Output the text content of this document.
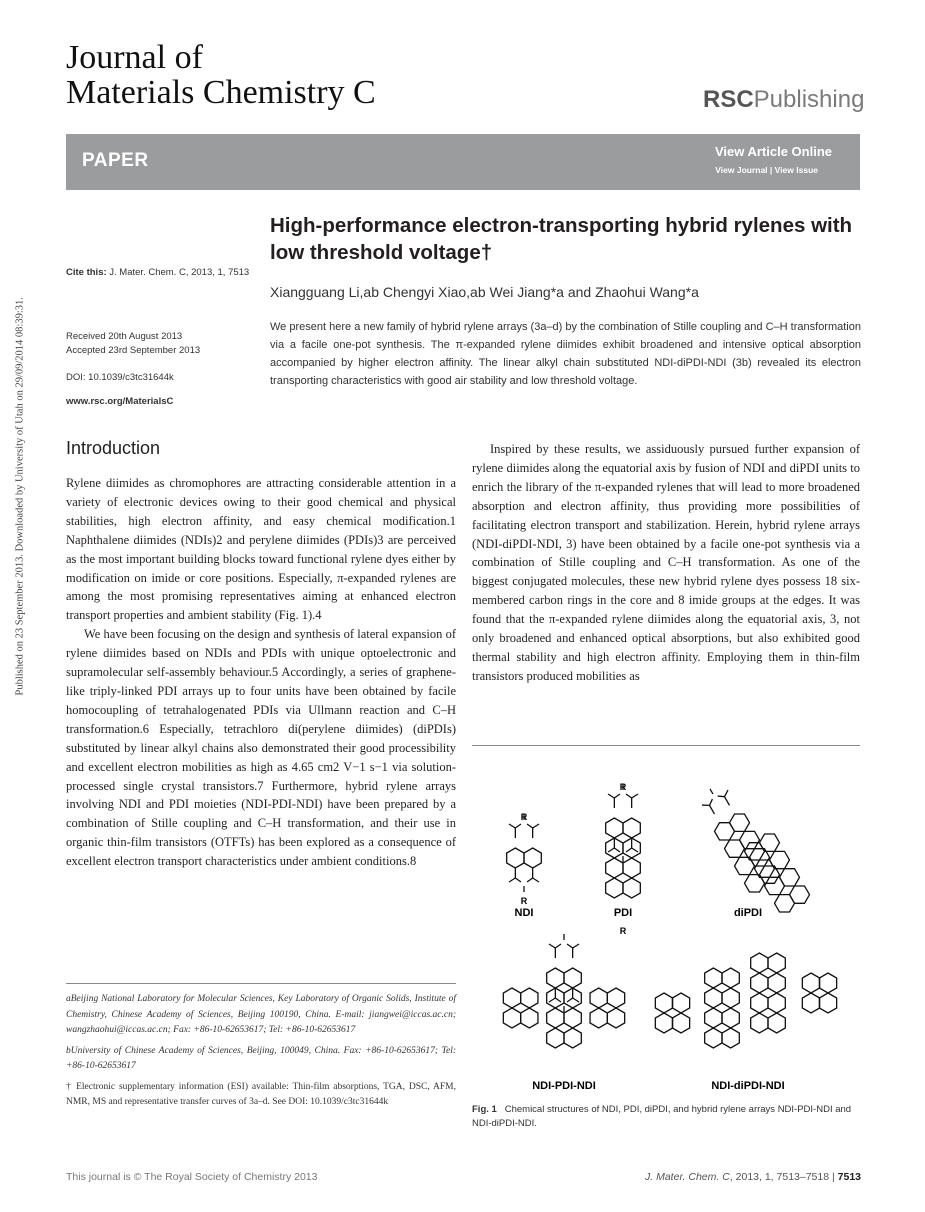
Published on 23 September 2013. Downloaded by University of Utah on 29/09/2014 08:39:31.
Journal of
Materials Chemistry C	RSCPublishing
PAPER	View Article Online
View Journal | View Issue
High-performance electron-transporting hybrid rylenes with low threshold voltage†
Xiangguang Li,ab Chengyi Xiao,ab Wei Jiang*a and Zhaohui Wang*a
We present here a new family of hybrid rylene arrays (3a–d) by the combination of Stille coupling and C–H transformation via a facile one-pot synthesis. The π-expanded rylene diimides exhibit broadened and intensive optical absorption accompanied by higher electron affinity. The linear alkyl chain substituted NDI-diPDI-NDI (3b) revealed its electron transporting characteristics with good air stability and low threshold voltage.
Cite this: J. Mater. Chem. C, 2013, 1, 7513
Received 20th August 2013
Accepted 23rd September 2013
DOI: 10.1039/c3tc31644k
www.rsc.org/MaterialsC
Introduction

Rylene diimides as chromophores are attracting considerable attention in a variety of electronic devices owing to their good chemical and physical stabilities, high electron affinity, and easy chemical modification.1 Naphthalene diimides (NDIs)2 and perylene diimides (PDIs)3 are perceived as the most important building blocks toward functional rylene dyes either by modification on imide or core positions. Especially, π-expanded rylenes are among the most promising representatives aiming at enhanced electron transport properties and ambient stability (Fig. 1).4

We have been focusing on the design and synthesis of lateral expansion of rylene diimides based on NDIs and PDIs with unique optoelectronic and supramolecular self-assembly behaviour.5 Accordingly, a series of graphene-like triply-linked PDI arrays up to four units have been obtained by facile homocoupling of tetrahalogenated PDIs via Ullmann reaction and C–H transformation.6 Especially, tetrachloro di(perylene diimides) (diPDIs) substituted by linear alkyl chains also demonstrated their good processibility and excellent electron mobilities as high as 4.65 cm2 V−1 s−1 via solution-processed single crystal transistors.7 Furthermore, hybrid rylene arrays involving NDI and PDI moieties (NDI-PDI-NDI) have been prepared by a combination of Stille coupling and C–H transformation, and their use in organic thin-film transistors (OTFTs) has been explored as a consequence of excellent electron transport characteristics under ambient conditions.8

Inspired by these results, we assiduously pursued further expansion of rylene diimides along the equatorial axis by fusion of NDI and diPDI units to enrich the library of the π-expanded rylenes that will lead to more broadened absorption and electron affinity, thus providing more possibilities of facilitating electron transport and stabilization. Herein, hybrid rylene arrays (NDI-diPDI-NDI, 3) have been obtained by a facile one-pot synthesis via a combination of Stille coupling and C–H transformation. As one of the biggest conjugated molecules, these new hybrid rylene dyes possess 18 six-membered carbon rings in the core and 8 imide groups at the edges. It was found that the π-expanded rylene diimides along the equatorial axis, 3, not only broadened and enhanced optical absorptions, but also exhibited good thermal stability and high electron affinity. Employing them in thin-film transistors produced mobilities as

R
R
R
R
NDI	PDI	diPDI
NDI-PDI-NDI	NDI-diPDI-NDI
Fig. 1 Chemical structures of NDI, PDI, diPDI, and hybrid rylene arrays NDI-PDI-NDI and NDI-diPDI-NDI.

aBeijing National Laboratory for Molecular Sciences, Key Laboratory of Organic Solids, Institute of Chemistry, Chinese Academy of Sciences, Beijing 100190, China. E-mail: jiangwei@iccas.ac.cn; wangzhaohui@iccas.ac.cn; Fax: +86-10-62653617; Tel: +86-10-62653617

bUniversity of Chinese Academy of Sciences, Beijing, 100049, China. Fax: +86-10-62653617; Tel: +86-10-62653617

† Electronic supplementary information (ESI) available: Thin-film absorptions, TGA, DSC, AFM, NMR, MS and representative transfer curves of 3a–d. See DOI: 10.1039/c3tc31644k

This journal is © The Royal Society of Chemistry 2013	J. Mater. Chem. C, 2013, 1, 7513–7518 | 7513
